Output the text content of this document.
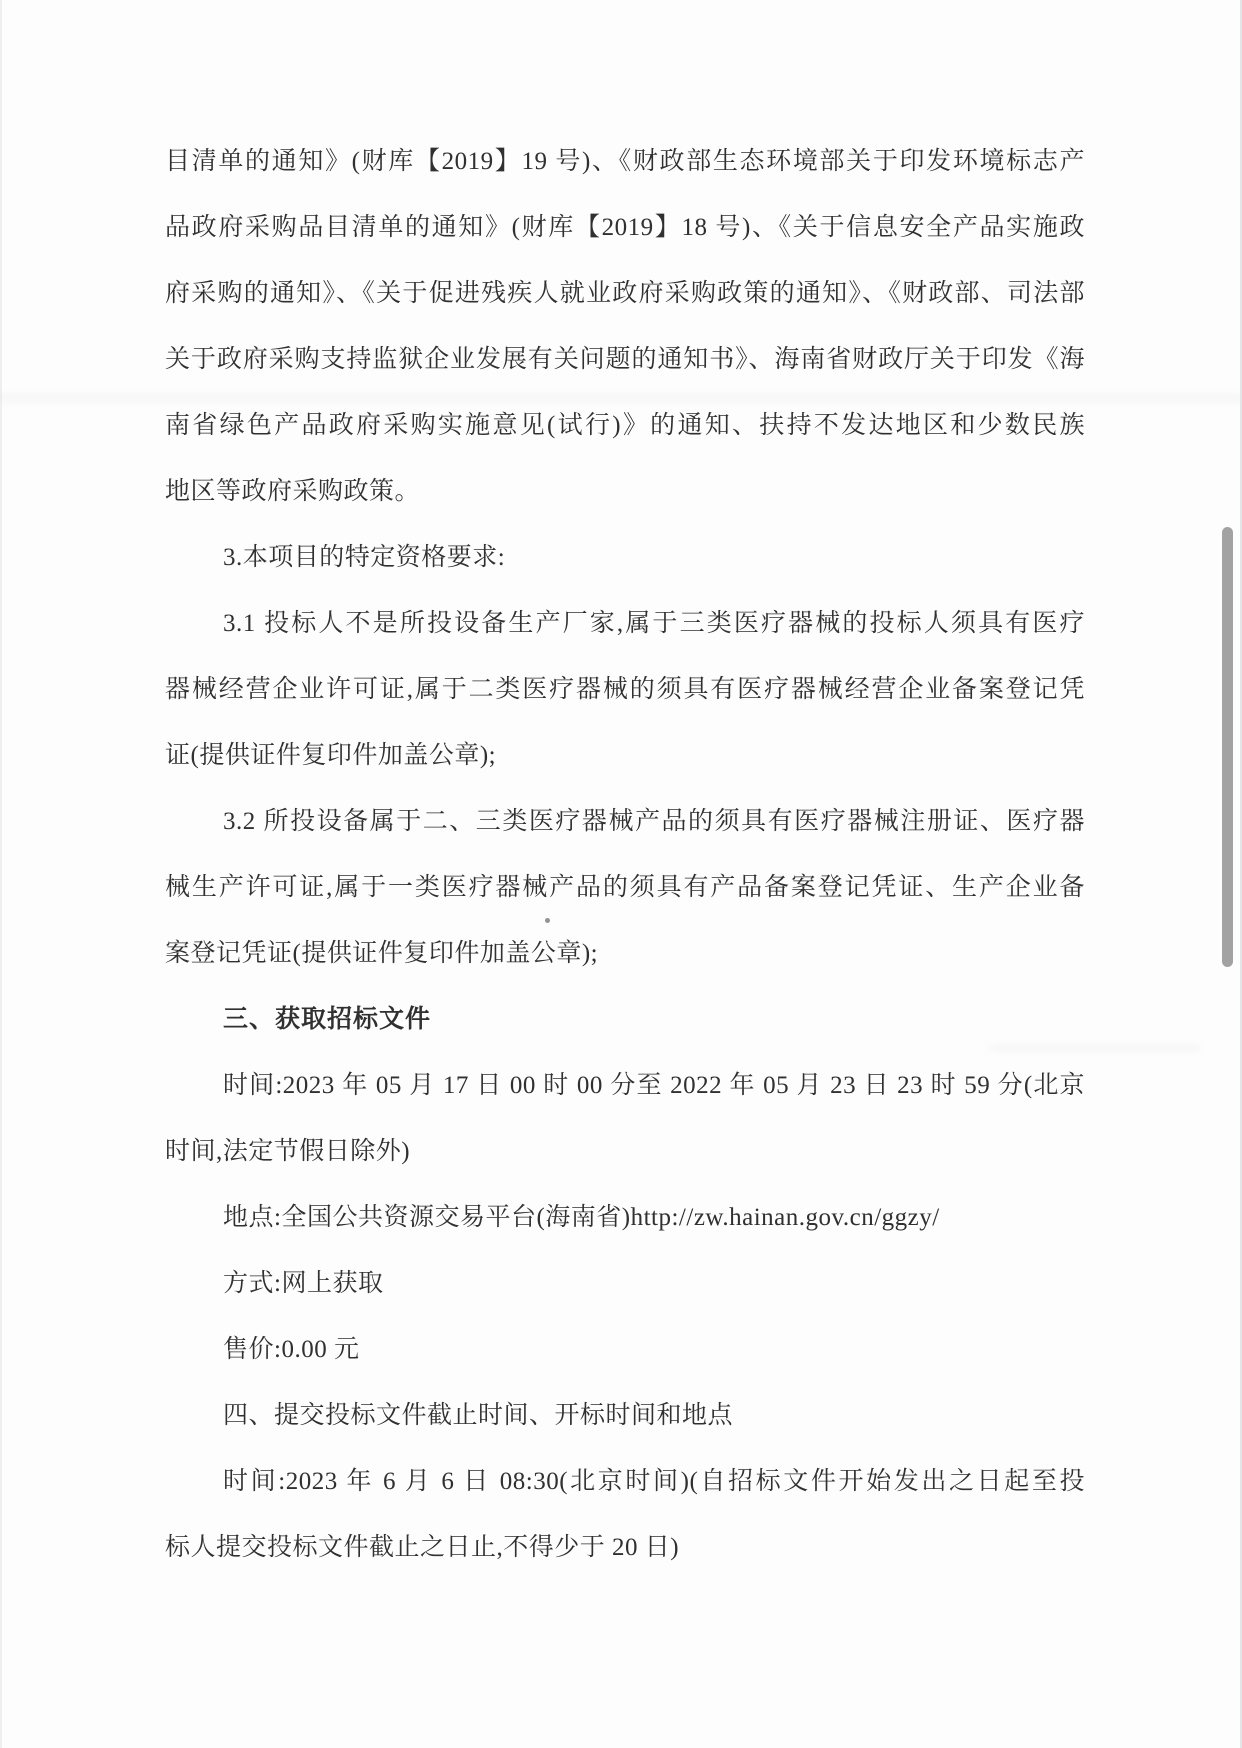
目清单的通知》(财库【2019】19 号)、《财政部生态环境部关于印发环境标志产
品政府采购品目清单的通知》(财库【2019】18 号)、《关于信息安全产品实施政
府采购的通知》、《关于促进残疾人就业政府采购政策的通知》、《财政部、司法部
关于政府采购支持监狱企业发展有关问题的通知书》、海南省财政厅关于印发《海
南省绿色产品政府采购实施意见(试行)》的通知、扶持不发达地区和少数民族
地区等政府采购政策。
3.本项目的特定资格要求:
3.1 投标人不是所投设备生产厂家,属于三类医疗器械的投标人须具有医疗
器械经营企业许可证,属于二类医疗器械的须具有医疗器械经营企业备案登记凭
证(提供证件复印件加盖公章);
3.2 所投设备属于二、三类医疗器械产品的须具有医疗器械注册证、医疗器
械生产许可证,属于一类医疗器械产品的须具有产品备案登记凭证、生产企业备
案登记凭证(提供证件复印件加盖公章);
三、获取招标文件
时间:2023 年 05 月 17 日 00 时 00 分至 2022 年 05 月 23 日 23 时 59 分(北京
时间,法定节假日除外)
地点:全国公共资源交易平台(海南省)http://zw.hainan.gov.cn/ggzy/
方式:网上获取
售价:0.00 元
四、提交投标文件截止时间、开标时间和地点
时间:2023 年 6 月 6 日 08:30(北京时间)(自招标文件开始发出之日起至投
标人提交投标文件截止之日止,不得少于 20 日)
